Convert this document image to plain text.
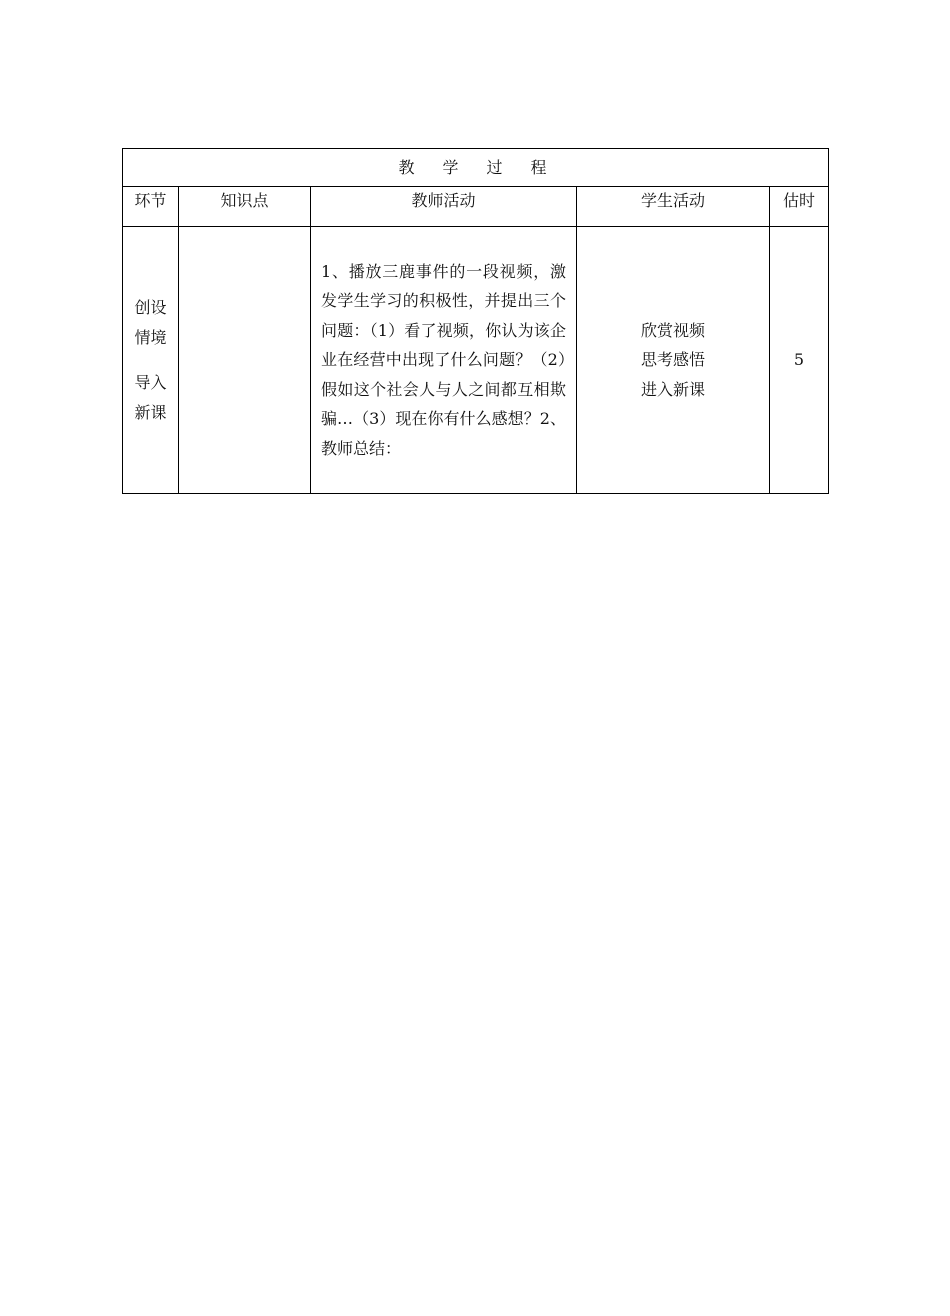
教　学　过　程				
环节	知识点	教师活动	学生活动	估时

创设
情境
导入
新课		1、播放三鹿事件的一段视频，激发学生学习的积极性，并提出三个问题：（1）看了视频，你认为该企业在经营中出现了什么问题？（2）假如这个社会人与人之间都互相欺骗…（3）现在你有什么感想？2、教师总结：	欣赏视频
思考感悟
进入新课	5
